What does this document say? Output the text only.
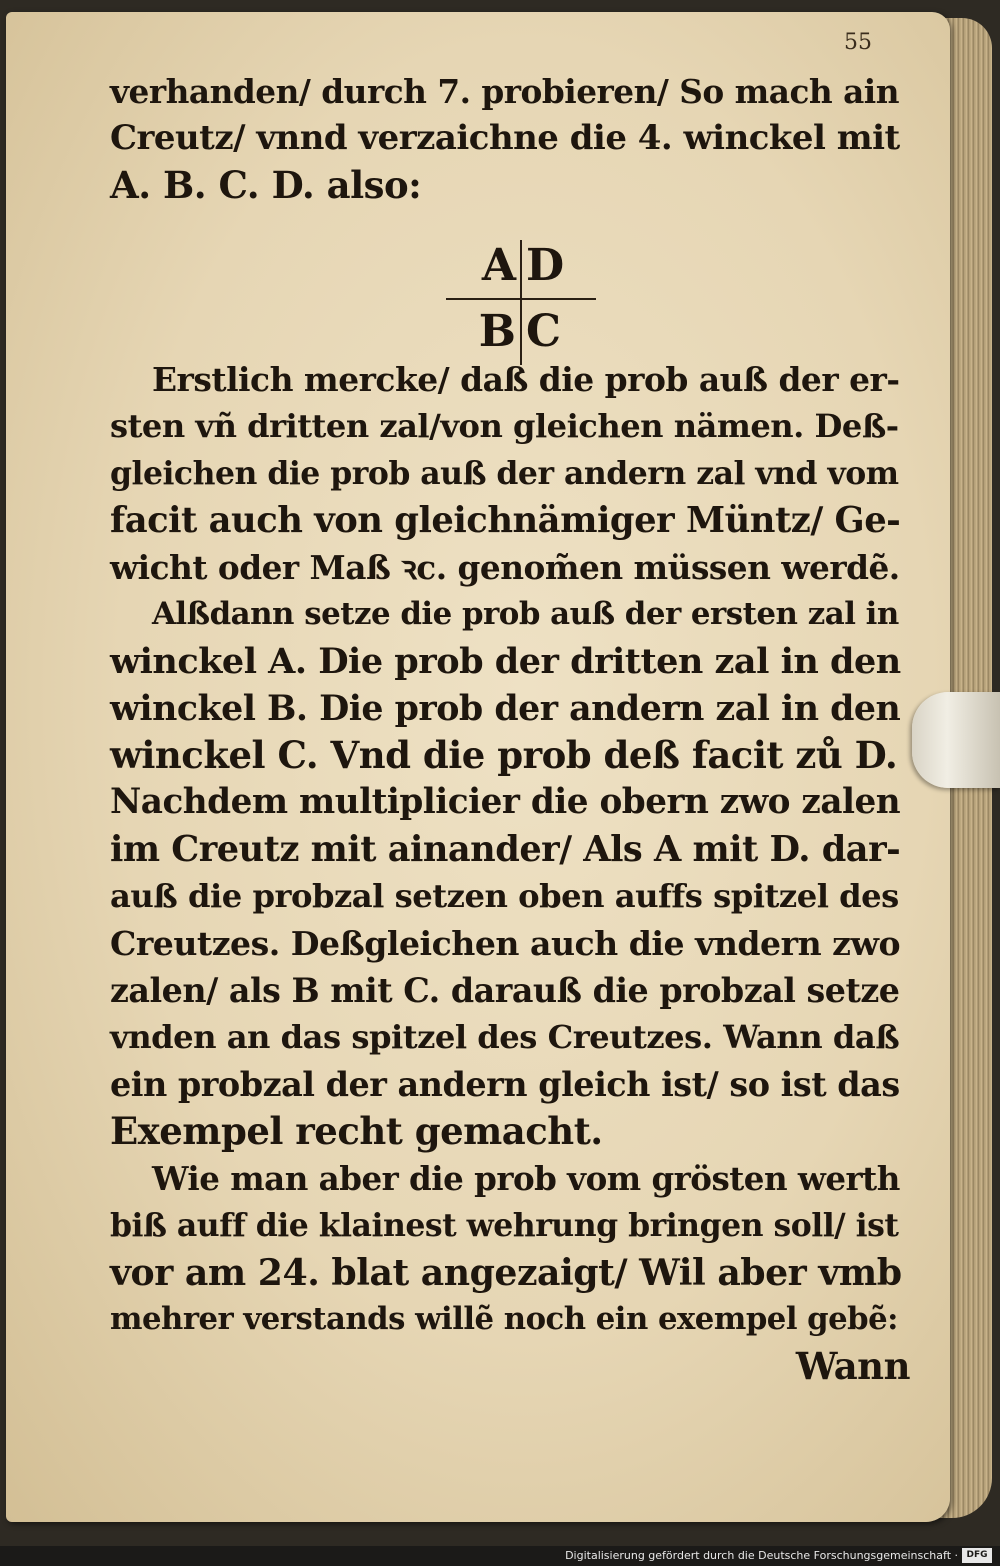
55
verhanden/ durch 7. probieren/ So mach ain
Creutz/ vnnd verzaichne die 4. winckel mit
A. B. C. D. also:
A D
B C
Erstlich mercke/ daß die prob auß der er-
sten vñ dritten zal/von gleichen nämen. Deß-
gleichen die prob auß der andern zal vnd vom
facit auch von gleichnämiger Müntz/ Ge-
wicht oder Maß ꝛc. genom̃en müssen werdẽ.
Alßdann setze die prob auß der ersten zal in
winckel A. Die prob der dritten zal in den
winckel B. Die prob der andern zal in den
winckel C. Vnd die prob deß facit zů D.
Nachdem multiplicier die obern zwo zalen
im Creutz mit ainander/ Als A mit D. dar-
auß die probzal setzen oben auffs spitzel des
Creutzes. Deßgleichen auch die vndern zwo
zalen/ als B mit C. darauß die probzal setze
vnden an das spitzel des Creutzes. Wann daß
ein probzal der andern gleich ist/ so ist das
Exempel recht gemacht.
Wie man aber die prob vom grösten werth
biß auff die klainest wehrung bringen soll/ ist
vor am 24. blat angezaigt/ Wil aber vmb
mehrer verstands willẽ noch ein exempel gebẽ:
Wann
Digitalisierung gefördert durch die Deutsche Forschungsgemeinschaft · DFG
